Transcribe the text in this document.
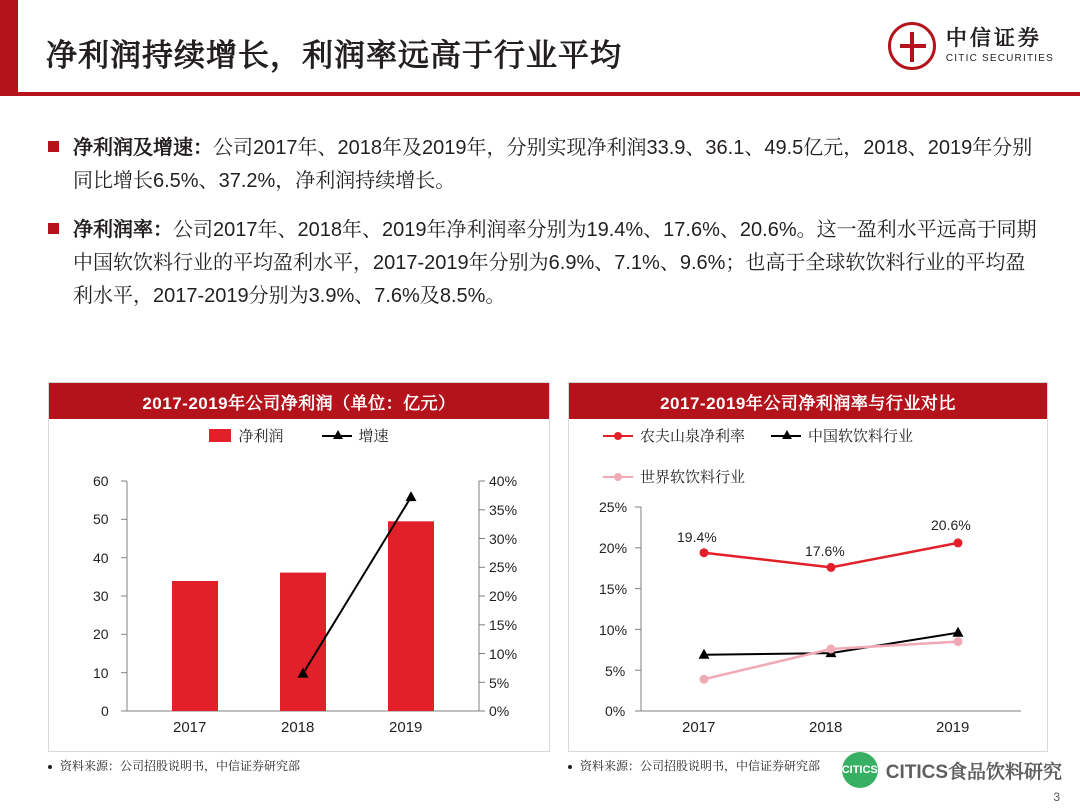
净利润持续增长，利润率远高于行业平均	中信证券
CITIC SECURITIES
净利润及增速：公司2017年、2018年及2019年，分别实现净利润33.9、36.1、49.5亿元，2018、2019年分别同比增长6.5%、37.2%，净利润持续增长。
净利润率：公司2017年、2018年、2019年净利润率分别为19.4%、17.6%、20.6%。这一盈利水平远高于同期中国软饮料行业的平均盈利水平，2017-2019年分别为6.9%、7.1%、9.6%；也高于全球软饮料行业的平均盈利水平，2017-2019分别为3.9%、7.6%及8.5%。
2017-2019年公司净利润（单位：亿元）
净利润	增速
60
50
40
30
20
10
0
40%
35%
30%
25%
20%
15%
10%
5%
0%
2017	2018	2019
2017-2019年公司净利润率与行业对比
农夫山泉净利率	中国软饮料行业
世界软饮料行业
25%
20%
15%
10%
5%
0%
19.4%
17.6%
20.6%
2017	2018	2019
资料来源：公司招股说明书，中信证券研究部	资料来源：公司招股说明书，中信证券研究部 CITICS CITICS食品饮料研究
3
